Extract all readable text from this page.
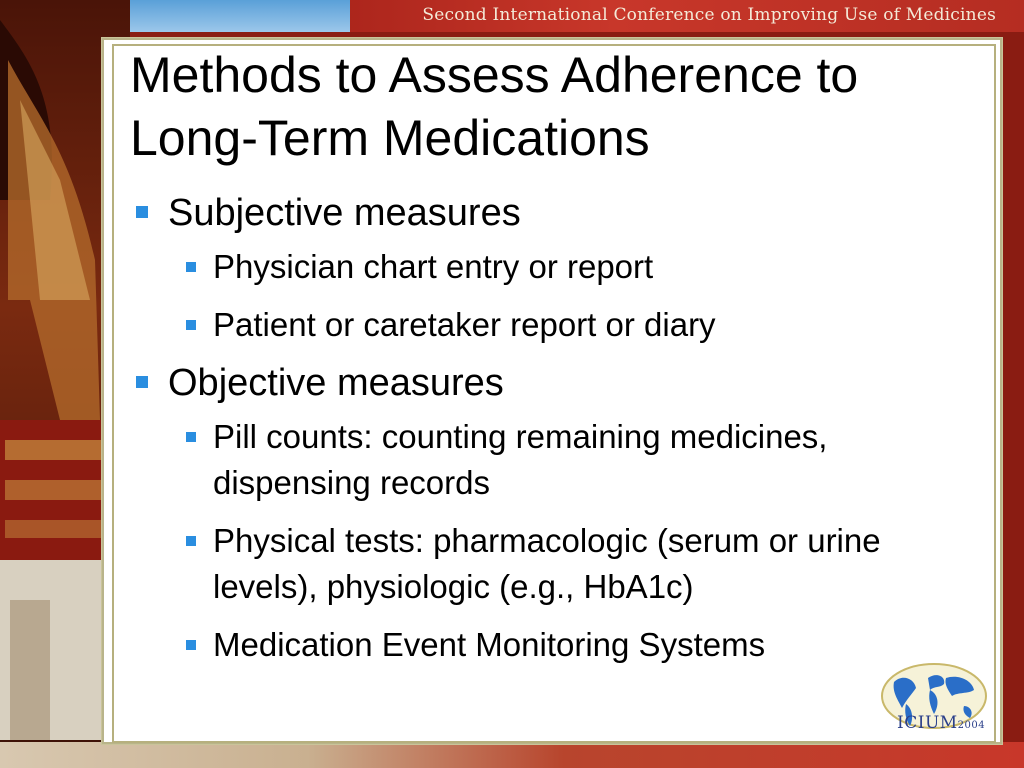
Second International Conference on Improving Use of Medicines
Methods to Assess Adherence to
Long-Term Medications
Subjective measures
Physician chart entry or report
Patient or caretaker report or diary
Objective measures
Pill counts: counting remaining medicines, dispensing records
Physical tests: pharmacologic (serum or urine levels), physiologic (e.g., HbA1c)
Medication Event Monitoring Systems
ICIUM2004
